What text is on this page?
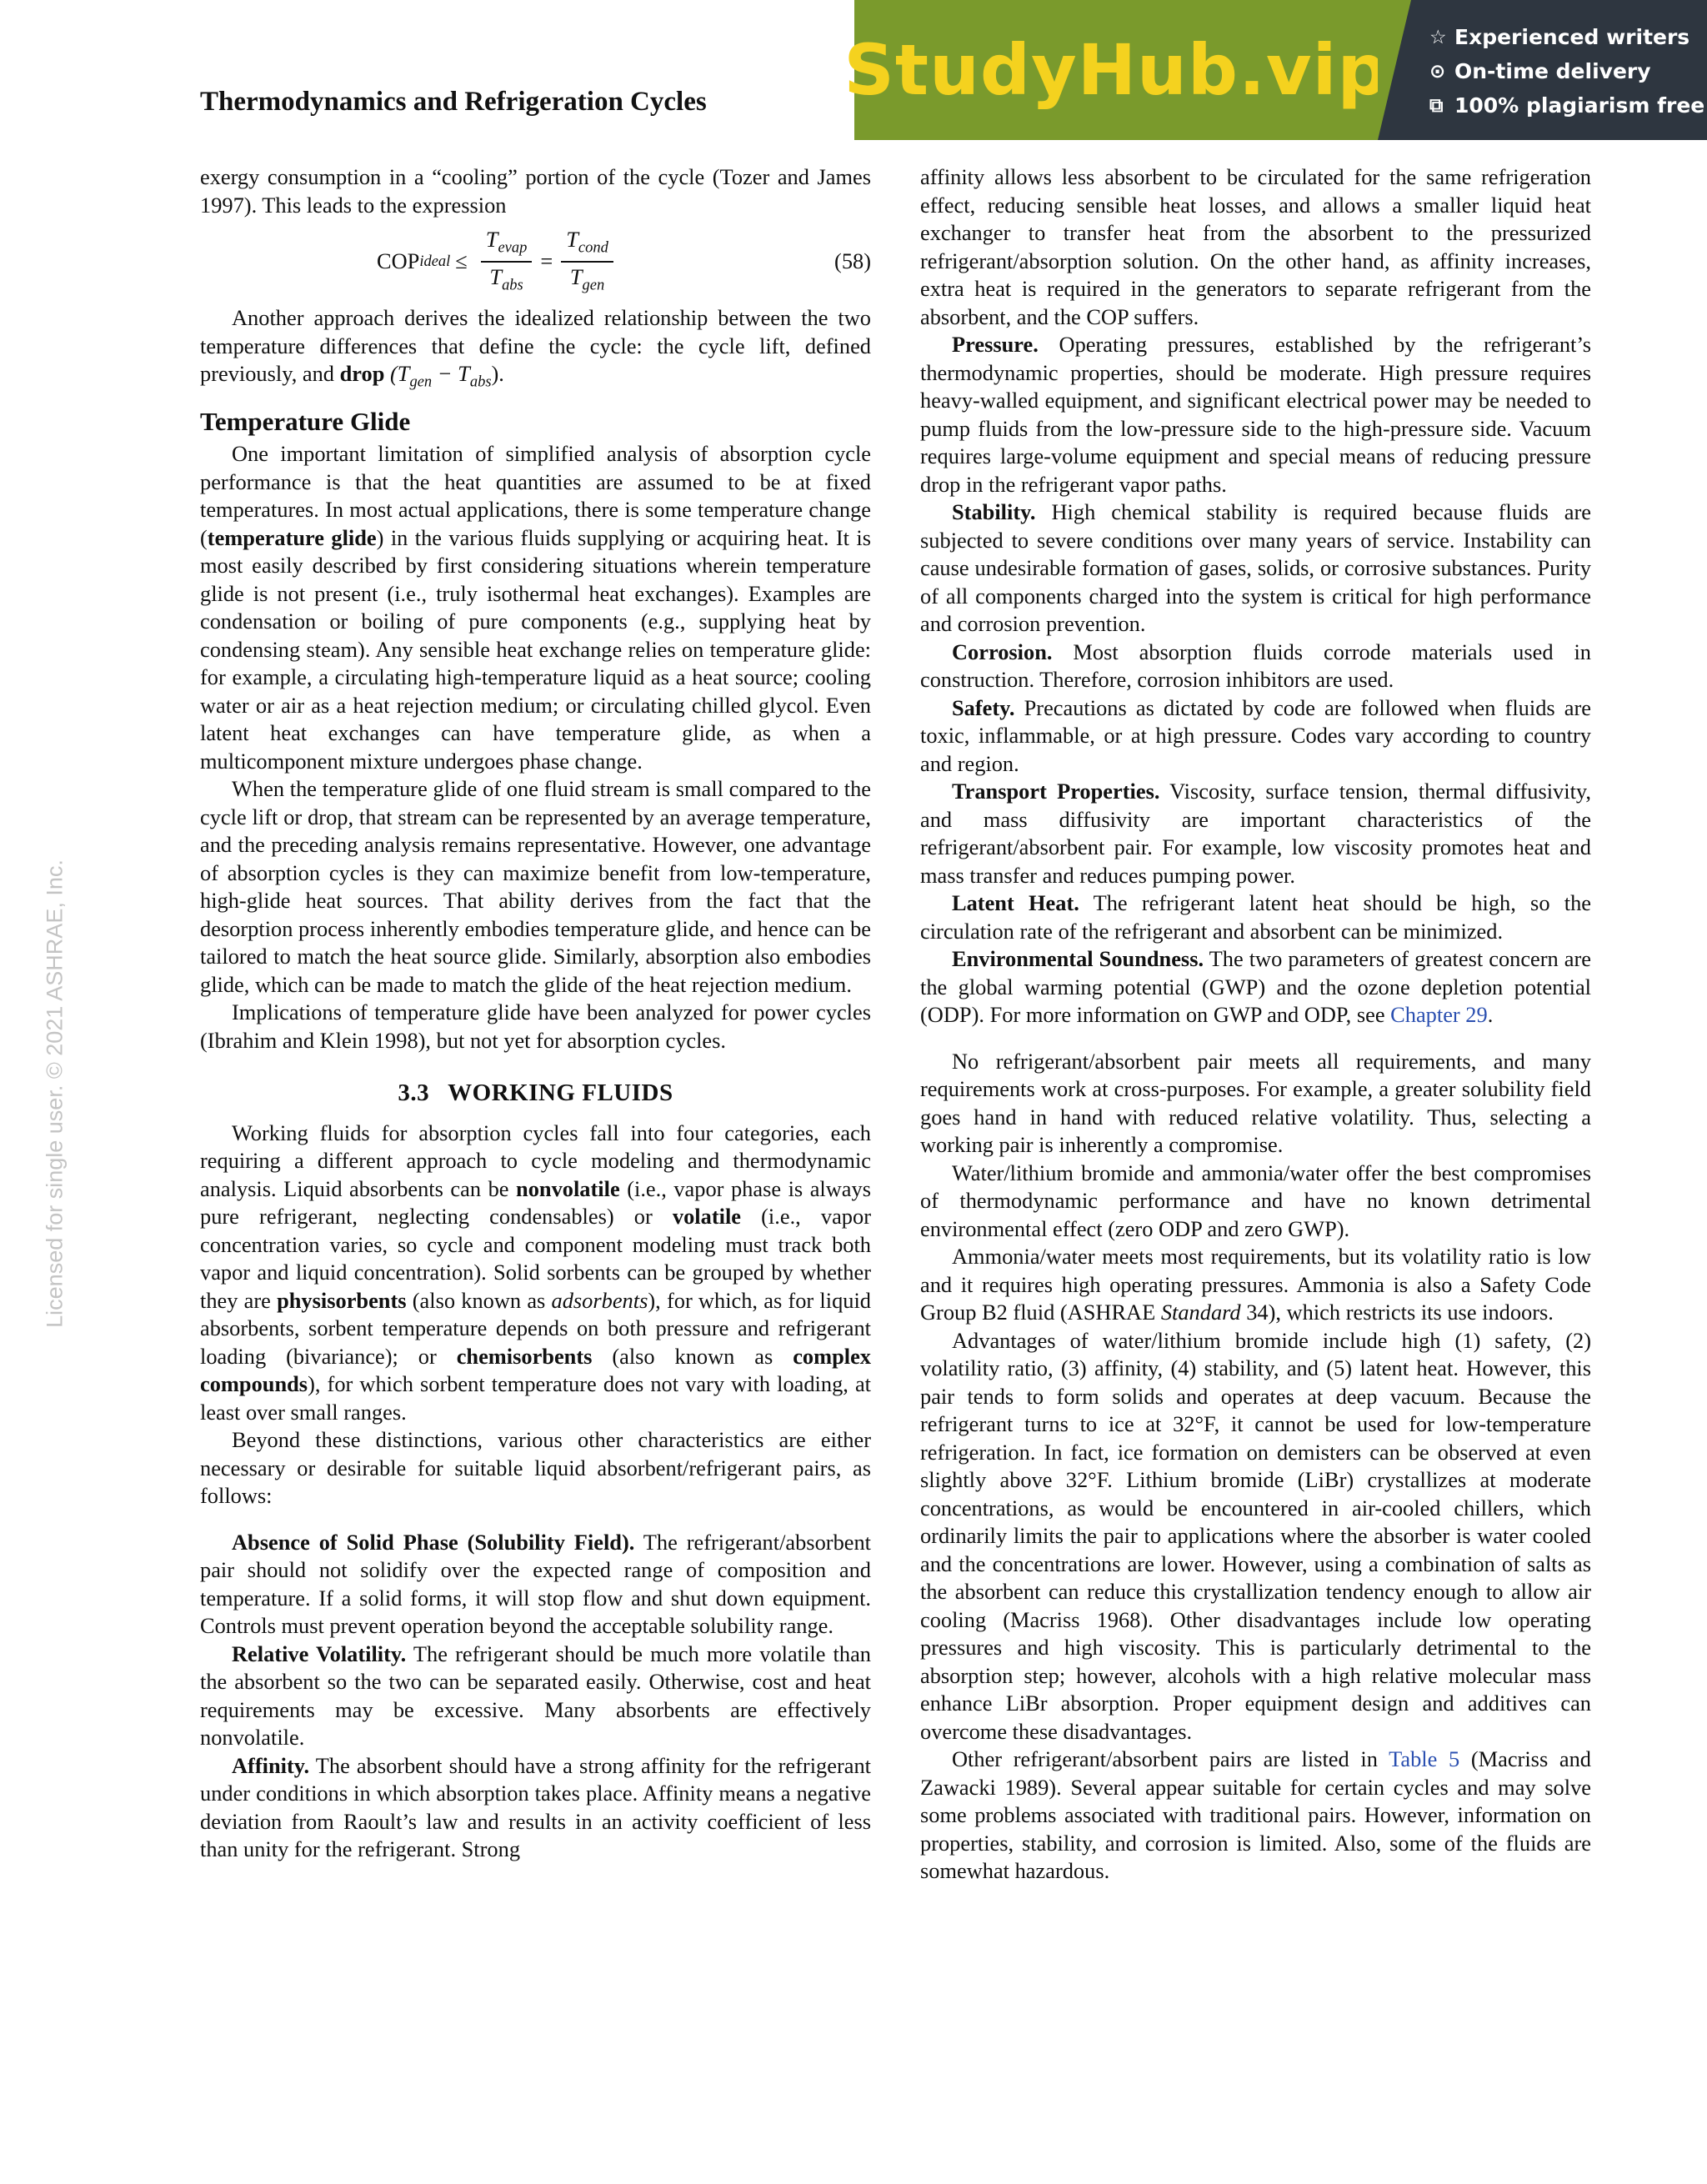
Thermodynamics and Refrigeration Cycles StudyHub.vip ☆ Experienced writers
⊙ On-time delivery
⧉ 100% plagiarism free
Licensed for single user. © 2021 ASHRAE, Inc.

exergy consumption in a “cooling” portion of the cycle (Tozer and James 1997). This leads to the expression

COP ideal ≤ $\frac{T_{evap}}{T_{abs}} = \frac{T_{cond}}{T_{gen}}$	(58)

Another approach derives the idealized relationship between the two temperature differences that define the cycle: the cycle lift, defined previously, and drop $(T_{gen} - T_{abs})$.

Temperature Glide

One important limitation of simplified analysis of absorption cycle performance is that the heat quantities are assumed to be at fixed temperatures. In most actual applications, there is some temperature change (temperature glide) in the various fluids supplying or acquiring heat. It is most easily described by first considering situations wherein temperature glide is not present (i.e., truly isothermal heat exchanges). Examples are condensation or boiling of pure components (e.g., supplying heat by condensing steam). Any sensible heat exchange relies on temperature glide: for example, a circulating high-temperature liquid as a heat source; cooling water or air as a heat rejection medium; or circulating chilled glycol. Even latent heat exchanges can have temperature glide, as when a multicomponent mixture undergoes phase change.

When the temperature glide of one fluid stream is small compared to the cycle lift or drop, that stream can be represented by an average temperature, and the preceding analysis remains representative. However, one advantage of absorption cycles is they can maximize benefit from low-temperature, high-glide heat sources. That ability derives from the fact that the desorption process inherently embodies temperature glide, and hence can be tailored to match the heat source glide. Similarly, absorption also embodies glide, which can be made to match the glide of the heat rejection medium.

Implications of temperature glide have been analyzed for power cycles (Ibrahim and Klein 1998), but not yet for absorption cycles.

3.3 WORKING FLUIDS

Working fluids for absorption cycles fall into four categories, each requiring a different approach to cycle modeling and thermodynamic analysis. Liquid absorbents can be nonvolatile (i.e., vapor phase is always pure refrigerant, neglecting condensables) or volatile (i.e., vapor concentration varies, so cycle and component modeling must track both vapor and liquid concentration). Solid sorbents can be grouped by whether they are physisorbents (also known as adsorbents), for which, as for liquid absorbents, sorbent temperature depends on both pressure and refrigerant loading (bivariance); or chemisorbents (also known as complex compounds), for which sorbent temperature does not vary with loading, at least over small ranges.

Beyond these distinctions, various other characteristics are either necessary or desirable for suitable liquid absorbent/refrigerant pairs, as follows:

Absence of Solid Phase (Solubility Field). The refrigerant/absorbent pair should not solidify over the expected range of composition and temperature. If a solid forms, it will stop flow and shut down equipment. Controls must prevent operation beyond the acceptable solubility range.

Relative Volatility. The refrigerant should be much more volatile than the absorbent so the two can be separated easily. Otherwise, cost and heat requirements may be excessive. Many absorbents are effectively nonvolatile.

Affinity. The absorbent should have a strong affinity for the refrigerant under conditions in which absorption takes place. Affinity means a negative deviation from Raoult’s law and results in an activity coefficient of less than unity for the refrigerant. Strong

affinity allows less absorbent to be circulated for the same refrigeration effect, reducing sensible heat losses, and allows a smaller liquid heat exchanger to transfer heat from the absorbent to the pressurized refrigerant/absorption solution. On the other hand, as affinity increases, extra heat is required in the generators to separate refrigerant from the absorbent, and the COP suffers.

Pressure. Operating pressures, established by the refrigerant’s thermodynamic properties, should be moderate. High pressure requires heavy-walled equipment, and significant electrical power may be needed to pump fluids from the low-pressure side to the high-pressure side. Vacuum requires large-volume equipment and special means of reducing pressure drop in the refrigerant vapor paths.

Stability. High chemical stability is required because fluids are subjected to severe conditions over many years of service. Instability can cause undesirable formation of gases, solids, or corrosive substances. Purity of all components charged into the system is critical for high performance and corrosion prevention.

Corrosion. Most absorption fluids corrode materials used in construction. Therefore, corrosion inhibitors are used.

Safety. Precautions as dictated by code are followed when fluids are toxic, inflammable, or at high pressure. Codes vary according to country and region.

Transport Properties. Viscosity, surface tension, thermal diffusivity, and mass diffusivity are important characteristics of the refrigerant/absorbent pair. For example, low viscosity promotes heat and mass transfer and reduces pumping power.

Latent Heat. The refrigerant latent heat should be high, so the circulation rate of the refrigerant and absorbent can be minimized.

Environmental Soundness. The two parameters of greatest concern are the global warming potential (GWP) and the ozone depletion potential (ODP). For more information on GWP and ODP, see Chapter 29.

No refrigerant/absorbent pair meets all requirements, and many requirements work at cross-purposes. For example, a greater solubility field goes hand in hand with reduced relative volatility. Thus, selecting a working pair is inherently a compromise.

Water/lithium bromide and ammonia/water offer the best compromises of thermodynamic performance and have no known detrimental environmental effect (zero ODP and zero GWP).

Ammonia/water meets most requirements, but its volatility ratio is low and it requires high operating pressures. Ammonia is also a Safety Code Group B2 fluid (ASHRAE Standard 34), which restricts its use indoors.

Advantages of water/lithium bromide include high (1) safety, (2) volatility ratio, (3) affinity, (4) stability, and (5) latent heat. However, this pair tends to form solids and operates at deep vacuum. Because the refrigerant turns to ice at 32°F, it cannot be used for low-temperature refrigeration. In fact, ice formation on demisters can be observed at even slightly above 32°F. Lithium bromide (LiBr) crystallizes at moderate concentrations, as would be encountered in air-cooled chillers, which ordinarily limits the pair to applications where the absorber is water cooled and the concentrations are lower. However, using a combination of salts as the absorbent can reduce this crystallization tendency enough to allow air cooling (Macriss 1968). Other disadvantages include low operating pressures and high viscosity. This is particularly detrimental to the absorption step; however, alcohols with a high relative molecular mass enhance LiBr absorption. Proper equipment design and additives can overcome these disadvantages.

Other refrigerant/absorbent pairs are listed in Table 5 (Macriss and Zawacki 1989). Several appear suitable for certain cycles and may solve some problems associated with traditional pairs. However, information on properties, stability, and corrosion is limited. Also, some of the fluids are somewhat hazardous.
